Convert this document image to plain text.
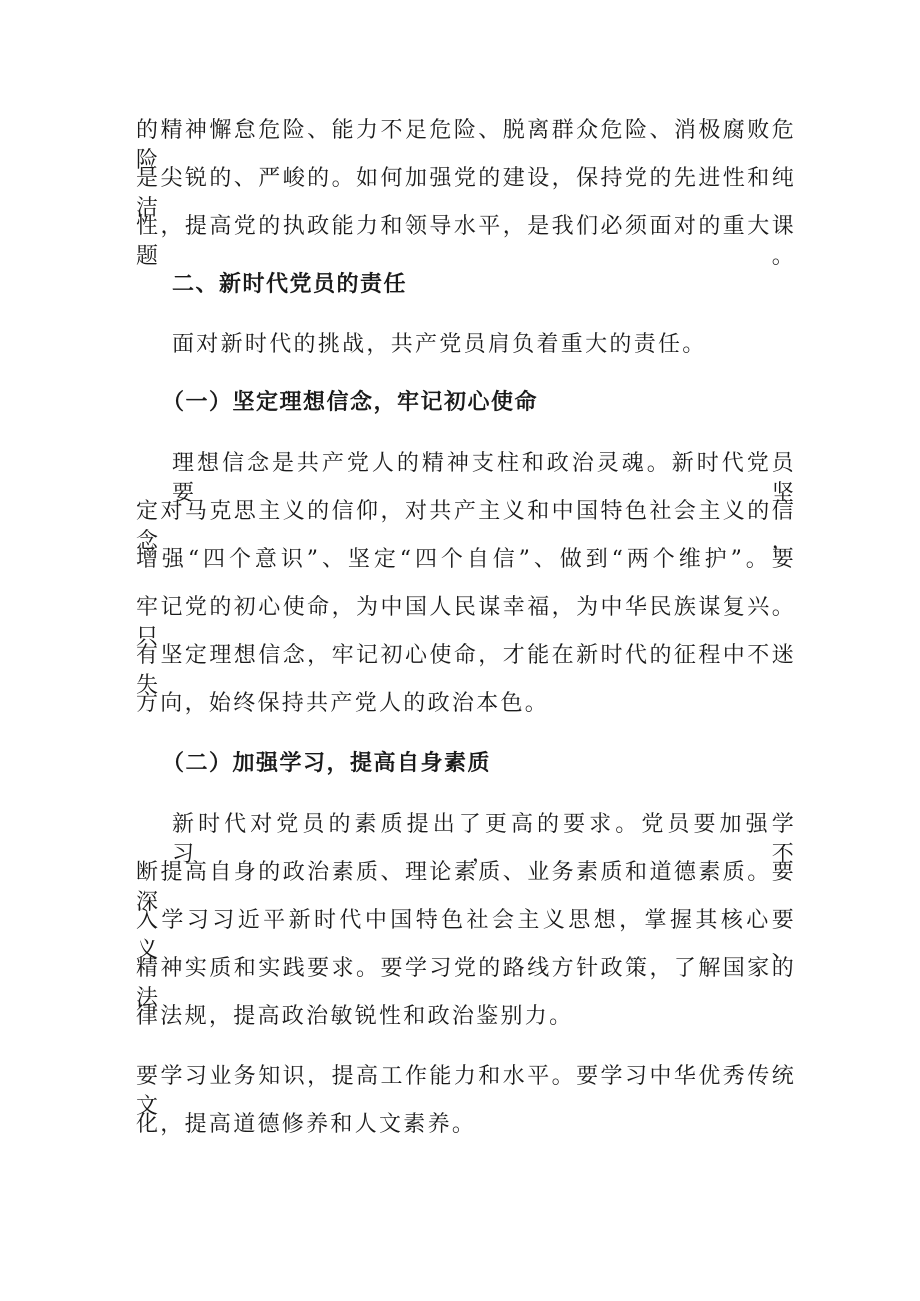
的精神懈怠危险、能力不足危险、脱离群众危险、消极腐败危险
是尖锐的、严峻的。如何加强党的建设，保持党的先进性和纯洁
性，提高党的执政能力和领导水平，是我们必须面对的重大课题。
二、新时代党员的责任
面对新时代的挑战，共产党员肩负着重大的责任。
（一）坚定理想信念，牢记初心使命
理想信念是共产党人的精神支柱和政治灵魂。新时代党员要坚
定对马克思主义的信仰，对共产主义和中国特色社会主义的信念，
增强“四个意识”、坚定“四个自信”、做到“两个维护”。要
牢记党的初心使命，为中国人民谋幸福，为中华民族谋复兴。只
有坚定理想信念，牢记初心使命，才能在新时代的征程中不迷失
方向，始终保持共产党人的政治本色。
（二）加强学习，提高自身素质
新时代对党员的素质提出了更高的要求。党员要加强学习，不
断提高自身的政治素质、理论素质、业务素质和道德素质。要深
入学习习近平新时代中国特色社会主义思想，掌握其核心要义、
精神实质和实践要求。要学习党的路线方针政策，了解国家的法
律法规，提高政治敏锐性和政治鉴别力。
要学习业务知识，提高工作能力和水平。要学习中华优秀传统文
化，提高道德修养和人文素养。
